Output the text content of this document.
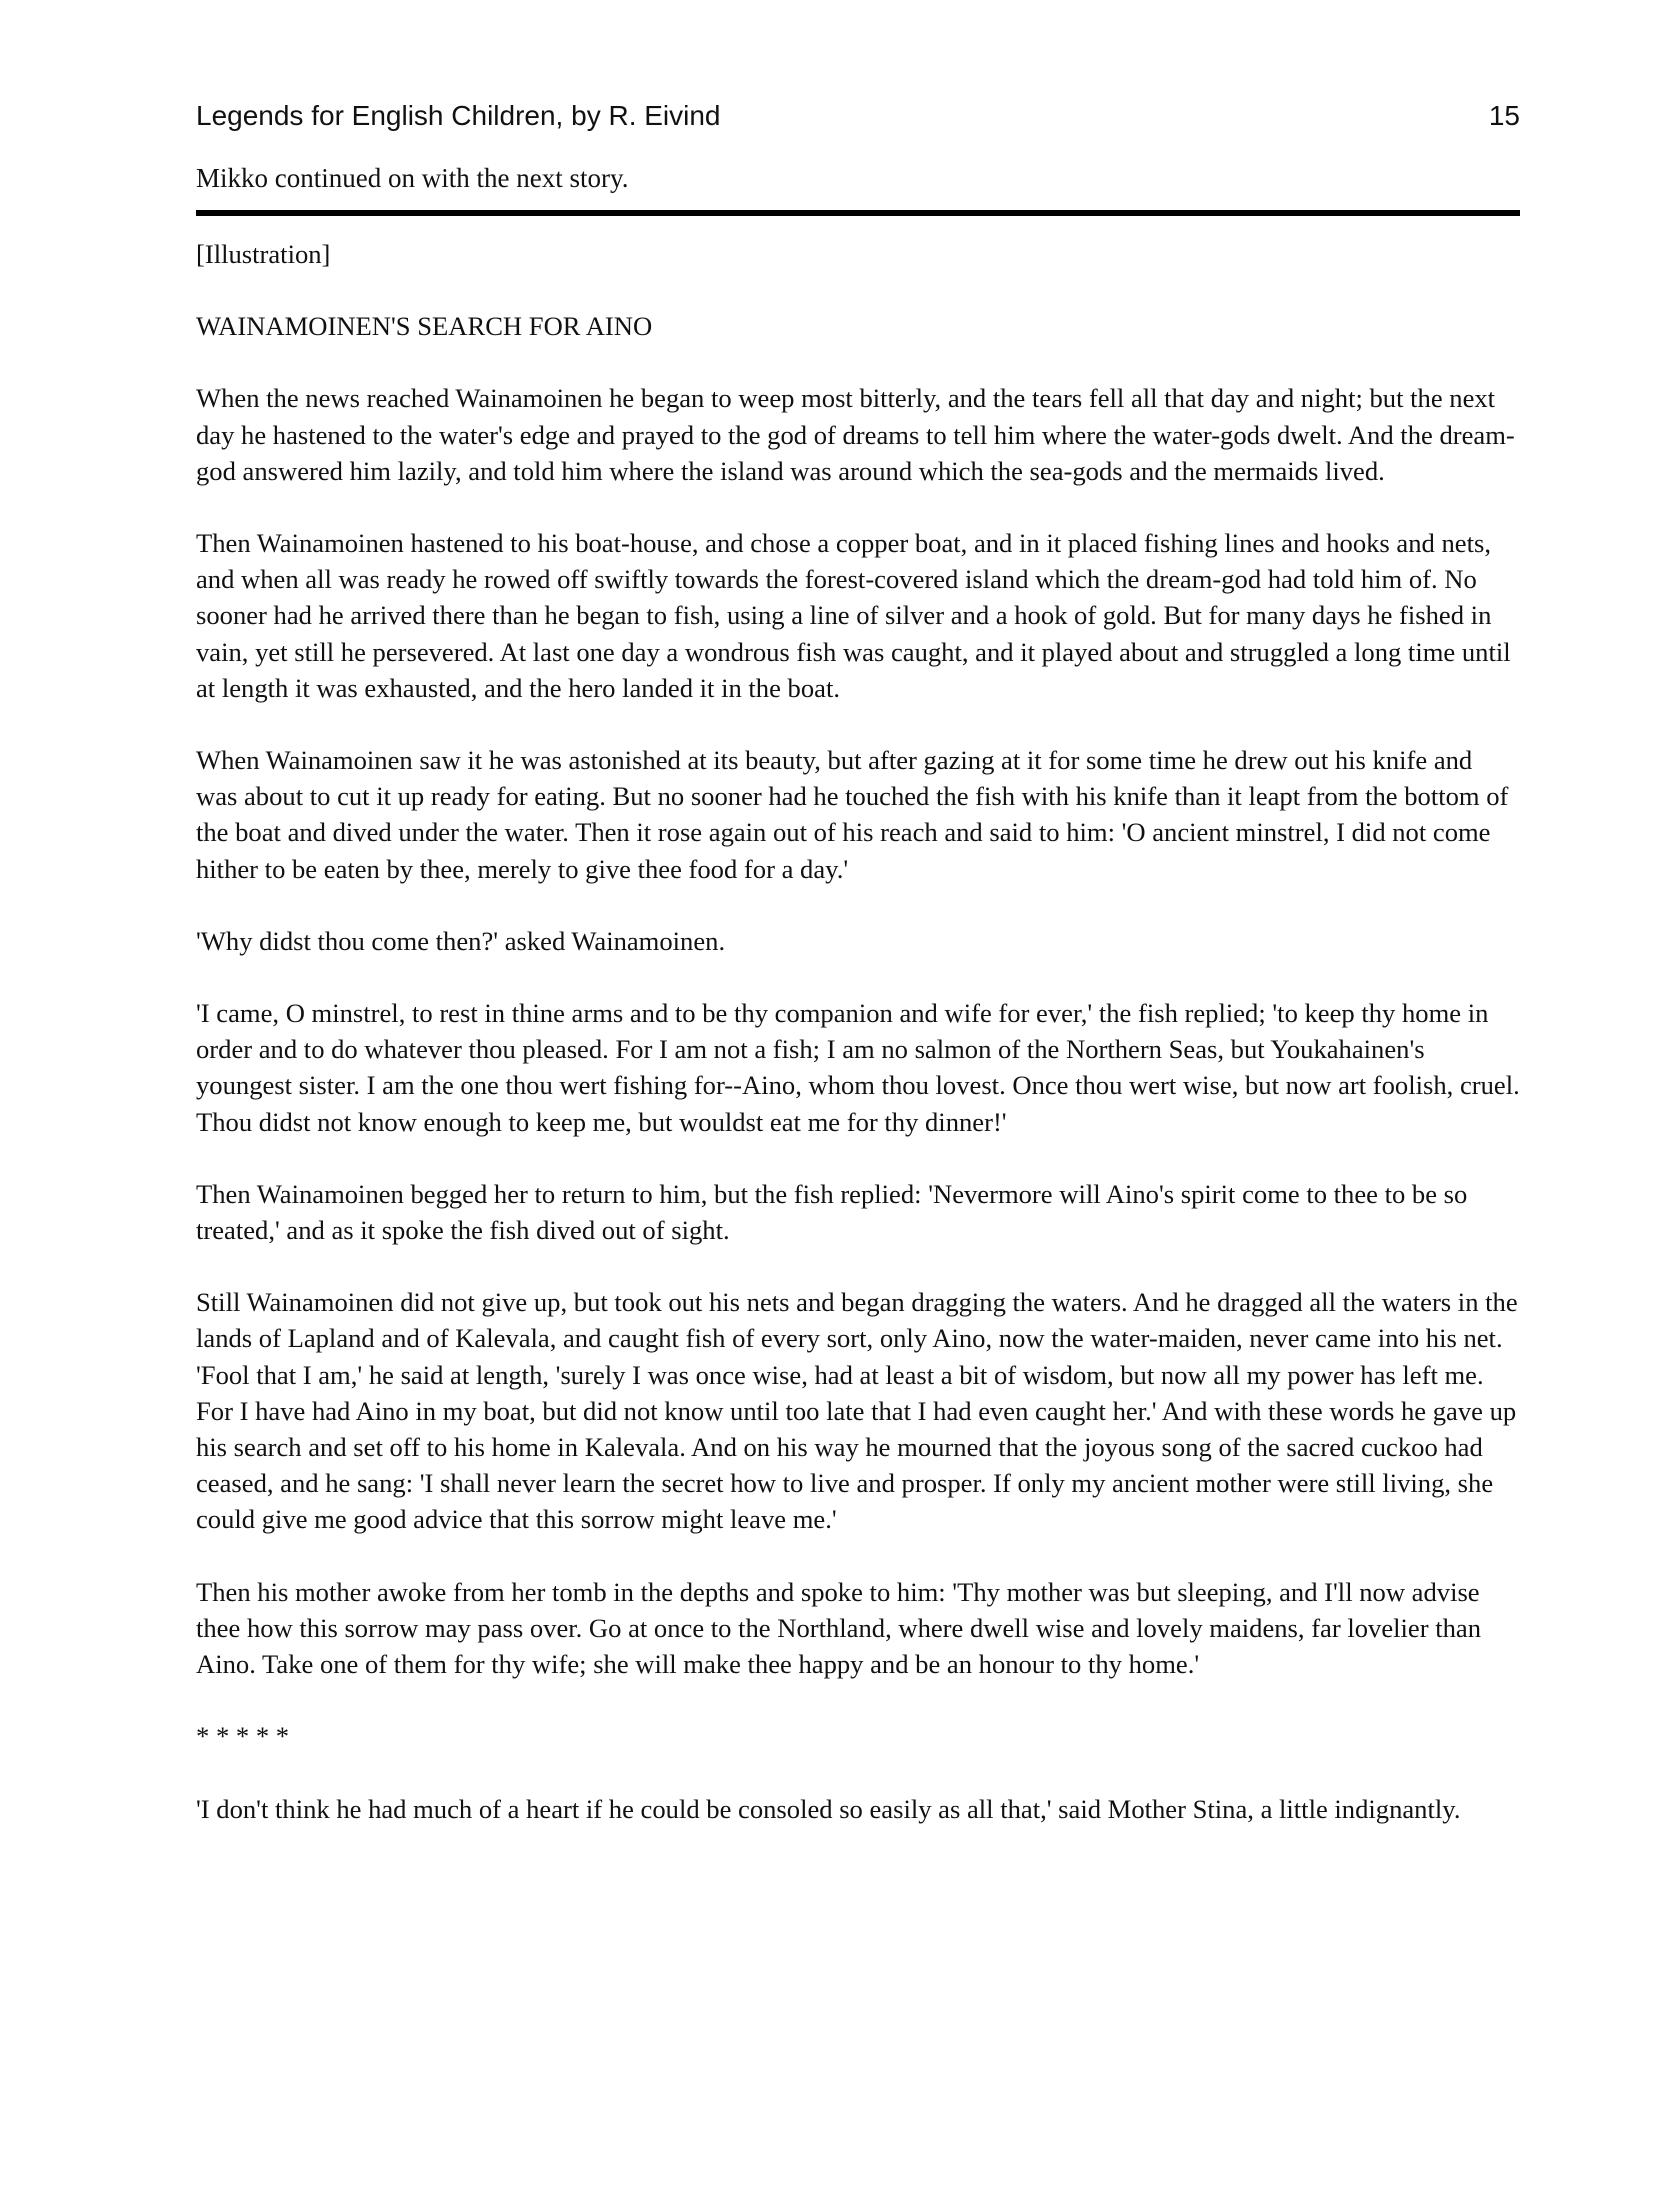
Legends for English Children, by R. Eivind	15
Mikko continued on with the next story.

[Illustration]

WAINAMOINEN'S SEARCH FOR AINO

When the news reached Wainamoinen he began to weep most bitterly, and the tears fell all that day and night; but the next day he hastened to the water's edge and prayed to the god of dreams to tell him where the water-gods dwelt. And the dream-god answered him lazily, and told him where the island was around which the sea-gods and the mermaids lived.

Then Wainamoinen hastened to his boat-house, and chose a copper boat, and in it placed fishing lines and hooks and nets, and when all was ready he rowed off swiftly towards the forest-covered island which the dream-god had told him of. No sooner had he arrived there than he began to fish, using a line of silver and a hook of gold. But for many days he fished in vain, yet still he persevered. At last one day a wondrous fish was caught, and it played about and struggled a long time until at length it was exhausted, and the hero landed it in the boat.

When Wainamoinen saw it he was astonished at its beauty, but after gazing at it for some time he drew out his knife and was about to cut it up ready for eating. But no sooner had he touched the fish with his knife than it leapt from the bottom of the boat and dived under the water. Then it rose again out of his reach and said to him: 'O ancient minstrel, I did not come hither to be eaten by thee, merely to give thee food for a day.'

'Why didst thou come then?' asked Wainamoinen.

'I came, O minstrel, to rest in thine arms and to be thy companion and wife for ever,' the fish replied; 'to keep thy home in order and to do whatever thou pleased. For I am not a fish; I am no salmon of the Northern Seas, but Youkahainen's youngest sister. I am the one thou wert fishing for--Aino, whom thou lovest. Once thou wert wise, but now art foolish, cruel. Thou didst not know enough to keep me, but wouldst eat me for thy dinner!'

Then Wainamoinen begged her to return to him, but the fish replied: 'Nevermore will Aino's spirit come to thee to be so treated,' and as it spoke the fish dived out of sight.

Still Wainamoinen did not give up, but took out his nets and began dragging the waters. And he dragged all the waters in the lands of Lapland and of Kalevala, and caught fish of every sort, only Aino, now the water-maiden, never came into his net. 'Fool that I am,' he said at length, 'surely I was once wise, had at least a bit of wisdom, but now all my power has left me. For I have had Aino in my boat, but did not know until too late that I had even caught her.' And with these words he gave up his search and set off to his home in Kalevala. And on his way he mourned that the joyous song of the sacred cuckoo had ceased, and he sang: 'I shall never learn the secret how to live and prosper. If only my ancient mother were still living, she could give me good advice that this sorrow might leave me.'

Then his mother awoke from her tomb in the depths and spoke to him: 'Thy mother was but sleeping, and I'll now advise thee how this sorrow may pass over. Go at once to the Northland, where dwell wise and lovely maidens, far lovelier than Aino. Take one of them for thy wife; she will make thee happy and be an honour to thy home.'

* * * * *

'I don't think he had much of a heart if he could be consoled so easily as all that,' said Mother Stina, a little indignantly.
